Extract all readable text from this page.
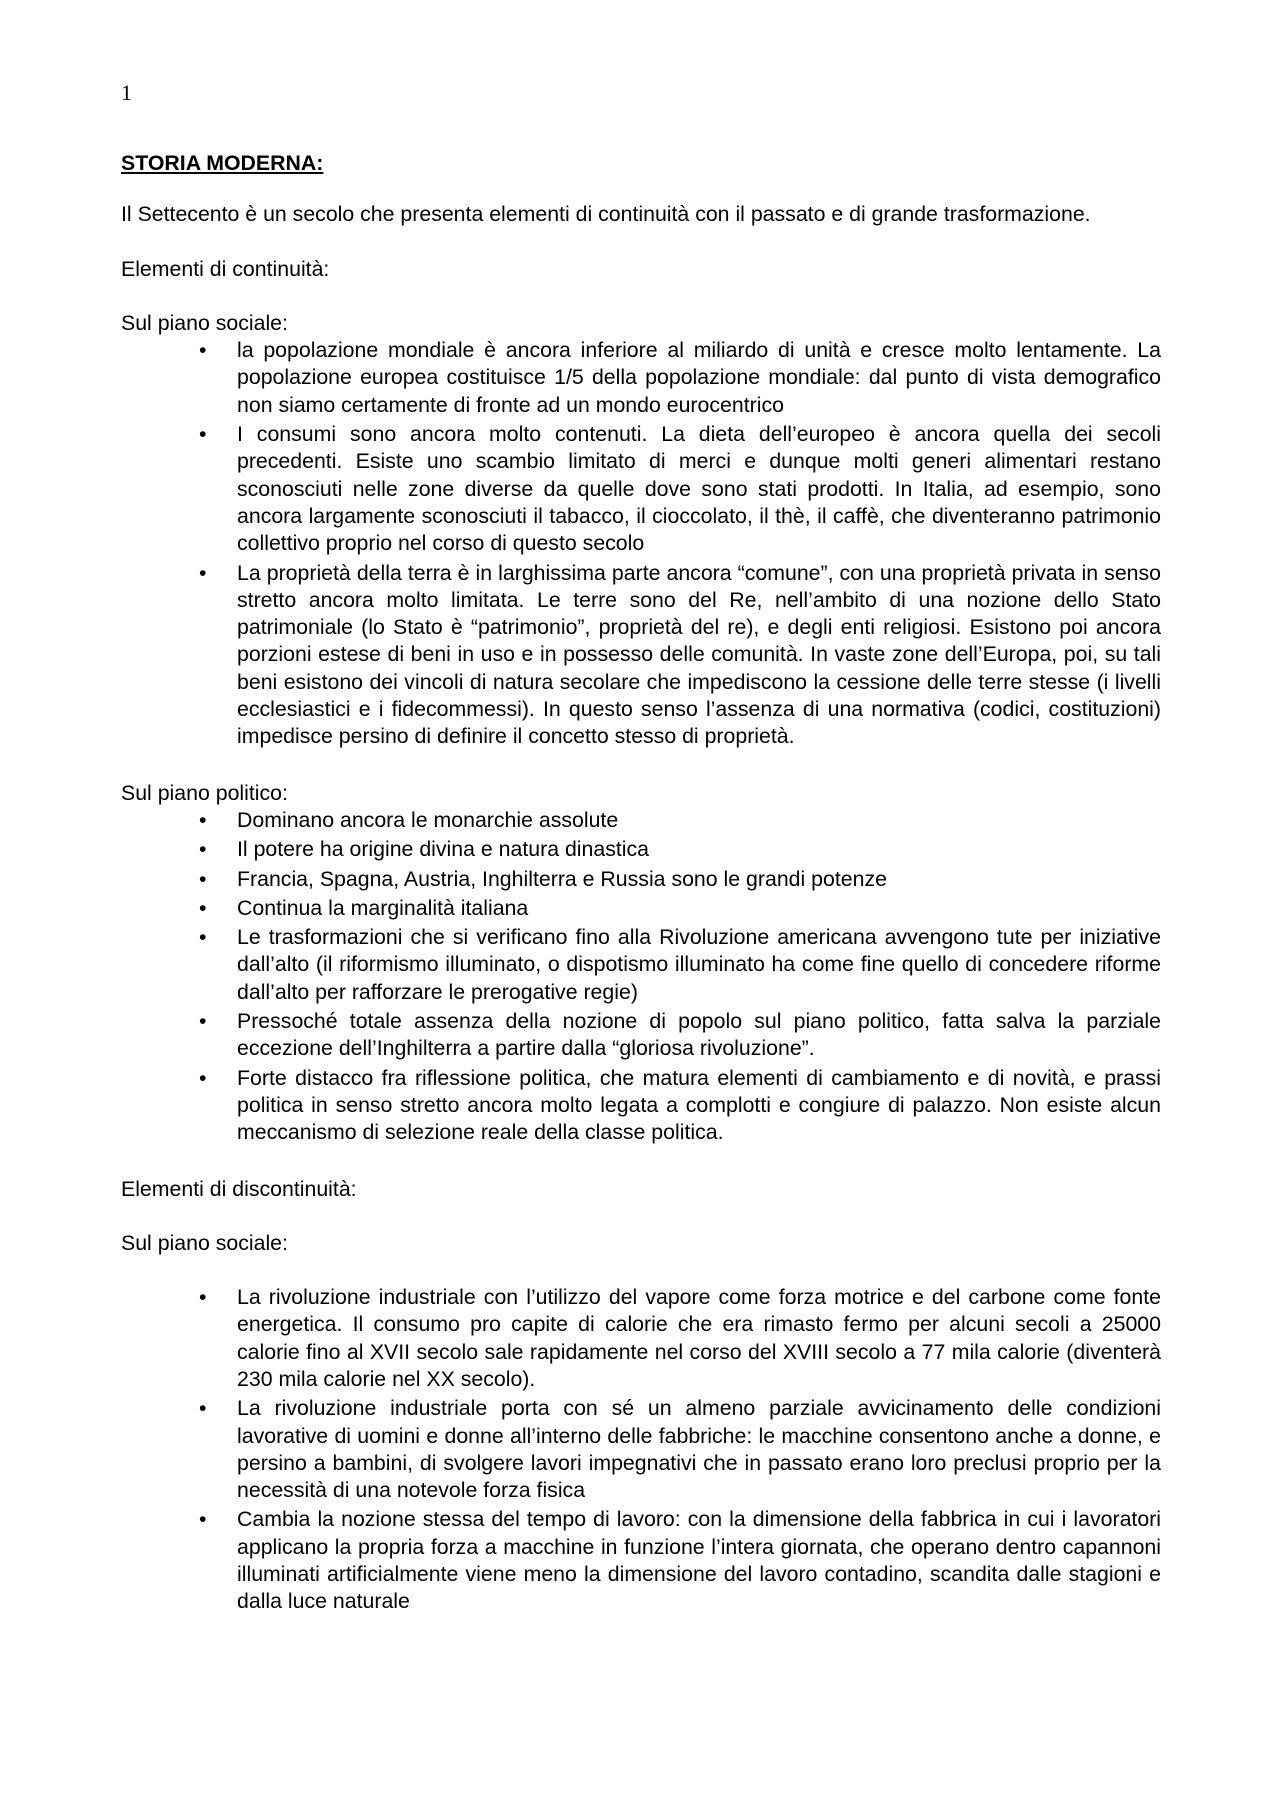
1
STORIA MODERNA:
Il Settecento è un secolo che presenta elementi di continuità con il passato e di grande trasformazione.
Elementi di continuità:
Sul piano sociale:
• la popolazione mondiale è ancora inferiore al miliardo di unità e cresce molto lentamente. La popolazione europea costituisce 1/5 della popolazione mondiale: dal punto di vista demografico non siamo certamente di fronte ad un mondo eurocentrico
• I consumi sono ancora molto contenuti. La dieta dell’europeo è ancora quella dei secoli precedenti. Esiste uno scambio limitato di merci e dunque molti generi alimentari restano sconosciuti nelle zone diverse da quelle dove sono stati prodotti. In Italia, ad esempio, sono ancora largamente sconosciuti il tabacco, il cioccolato, il thè, il caffè, che diventeranno patrimonio collettivo proprio nel corso di questo secolo
• La proprietà della terra è in larghissima parte ancora “comune”, con una proprietà privata in senso stretto ancora molto limitata. Le terre sono del Re, nell’ambito di una nozione dello Stato patrimoniale (lo Stato è “patrimonio”, proprietà del re), e degli enti religiosi. Esistono poi ancora porzioni estese di beni in uso e in possesso delle comunità. In vaste zone dell’Europa, poi, su tali beni esistono dei vincoli di natura secolare che impediscono la cessione delle terre stesse (i livelli ecclesiastici e i fidecommessi). In questo senso l’assenza di una normativa (codici, costituzioni) impedisce persino di definire il concetto stesso di proprietà.
Sul piano politico:
• Dominano ancora le monarchie assolute
• Il potere ha origine divina e natura dinastica
• Francia, Spagna, Austria, Inghilterra e Russia sono le grandi potenze
• Continua la marginalità italiana
• Le trasformazioni che si verificano fino alla Rivoluzione americana avvengono tute per iniziative dall’alto (il riformismo illuminato, o dispotismo illuminato ha come fine quello di concedere riforme dall’alto per rafforzare le prerogative regie)
• Pressoché totale assenza della nozione di popolo sul piano politico, fatta salva la parziale eccezione dell’Inghilterra a partire dalla “gloriosa rivoluzione”.
• Forte distacco fra riflessione politica, che matura elementi di cambiamento e di novità, e prassi politica in senso stretto ancora molto legata a complotti e congiure di palazzo. Non esiste alcun meccanismo di selezione reale della classe politica.
Elementi di discontinuità:
Sul piano sociale:
• La rivoluzione industriale con l’utilizzo del vapore come forza motrice e del carbone come fonte energetica. Il consumo pro capite di calorie che era rimasto fermo per alcuni secoli a 25000 calorie fino al XVII secolo sale rapidamente nel corso del XVIII secolo a 77 mila calorie (diventerà 230 mila calorie nel XX secolo).
• La rivoluzione industriale porta con sé un almeno parziale avvicinamento delle condizioni lavorative di uomini e donne all’interno delle fabbriche: le macchine consentono anche a donne, e persino a bambini, di svolgere lavori impegnativi che in passato erano loro preclusi proprio per la necessità di una notevole forza fisica
• Cambia la nozione stessa del tempo di lavoro: con la dimensione della fabbrica in cui i lavoratori applicano la propria forza a macchine in funzione l’intera giornata, che operano dentro capannoni illuminati artificialmente viene meno la dimensione del lavoro contadino, scandita dalle stagioni e dalla luce naturale
